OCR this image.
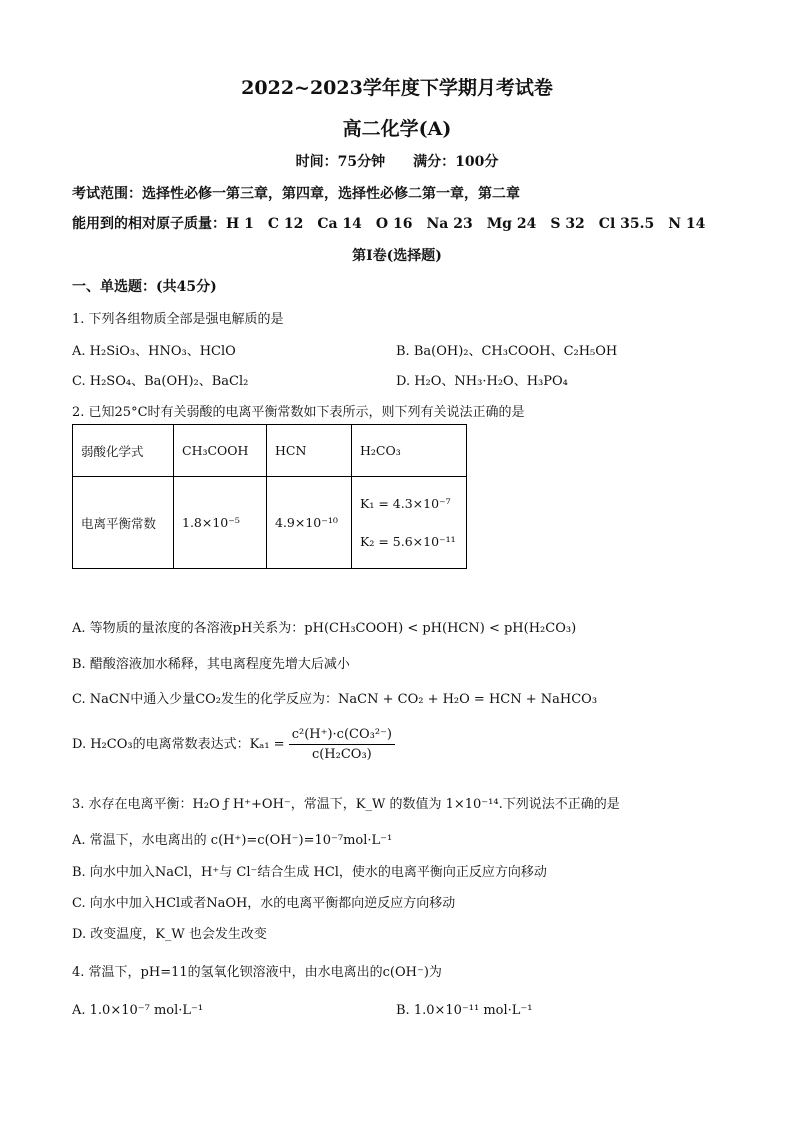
2022~2023学年度下学期月考试卷
高二化学(A)
时间：75分钟　　满分：100分
考试范围：选择性必修一第三章，第四章，选择性必修二第一章，第二章
能用到的相对原子质量：H 1　C 12　Ca 14　O 16　Na 23　Mg 24　S 32　Cl 35.5　N 14
第I卷(选择题)
一、单选题：(共45分)
1. 下列各组物质全部是强电解质的是
A. H₂SiO₃、HNO₃、HClO	B. Ba(OH)₂、CH₃COOH、C₂H₅OH
C. H₂SO₄、Ba(OH)₂、BaCl₂	D. H₂O、NH₃·H₂O、H₃PO₄
2. 已知25°C时有关弱酸的电离平衡常数如下表所示，则下列有关说法正确的是
弱酸化学式	CH₃COOH	HCN	H₂CO₃
电离平衡常数	1.8×10⁻⁵	4.9×10⁻¹⁰	K₁ = 4.3×10⁻⁷
K₂ = 5.6×10⁻¹¹
A. 等物质的量浓度的各溶液pH关系为：pH(CH₃COOH) < pH(HCN) < pH(H₂CO₃)
B. 醋酸溶液加水稀释，其电离程度先增大后减小
C. NaCN中通入少量CO₂发生的化学反应为：NaCN + CO₂ + H₂O = HCN + NaHCO₃
D. H₂CO₃的电离常数表达式：$K_{a1} = \frac{\text{c²(H⁺)·c(CO₃²⁻)}}{\text{c(H₂CO₃)}}$
3. 水存在电离平衡：H₂O ƒ H⁺+OH⁻，常温下，K_W 的数值为 1×10⁻¹⁴.下列说法不正确的是
A. 常温下，水电离出的 c(H⁺)=c(OH⁻)=10⁻⁷mol·L⁻¹
B. 向水中加入NaCl，H⁺与 Cl⁻结合生成 HCl，使水的电离平衡向正反应方向移动
C. 向水中加入HCl或者NaOH，水的电离平衡都向逆反应方向移动
D. 改变温度，K_W 也会发生改变
4. 常温下，pH=11的氢氧化钡溶液中，由水电离出的c(OH⁻)为
A. 1.0×10⁻⁷ mol·L⁻¹	B. 1.0×10⁻¹¹ mol·L⁻¹
